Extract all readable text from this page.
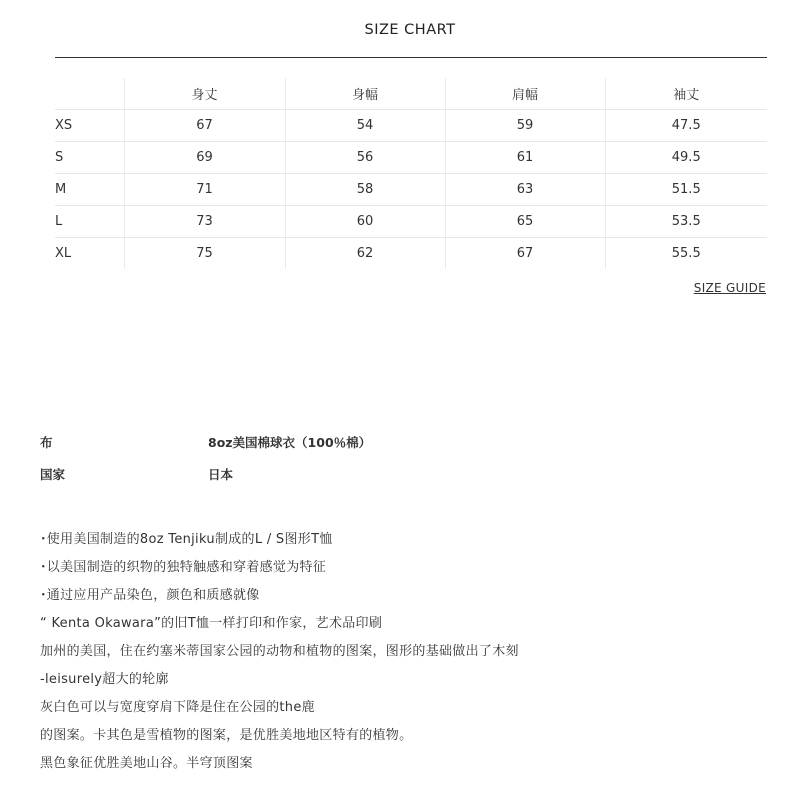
SIZE CHART
	身丈	身幅	肩幅	袖丈
XS	67	54	59	47.5
S	69	56	61	49.5
M	71	58	63	51.5
L	73	60	65	53.5
XL	75	62	67	55.5
SIZE GUIDE
布	8oz美国棉球衣（100％棉）
国家	日本
･使用美国制造的8oz Tenjiku制成的L / S图形T恤
･以美国制造的织物的独特触感和穿着感觉为特征
･通过应用产品染色，颜色和质感就像
“ Kenta Okawara”的旧T恤一样打印和作家，艺术品印刷
加州的美国，住在约塞米蒂国家公园的动物和植物的图案，图形的基础做出了木刻
-leisurely超大的轮廓
灰白色可以与宽度穿肩下降是住在公园的the鹿
的图案。卡其色是雪植物的图案，是优胜美地地区特有的植物。
黑色象征优胜美地山谷。半穹顶图案
